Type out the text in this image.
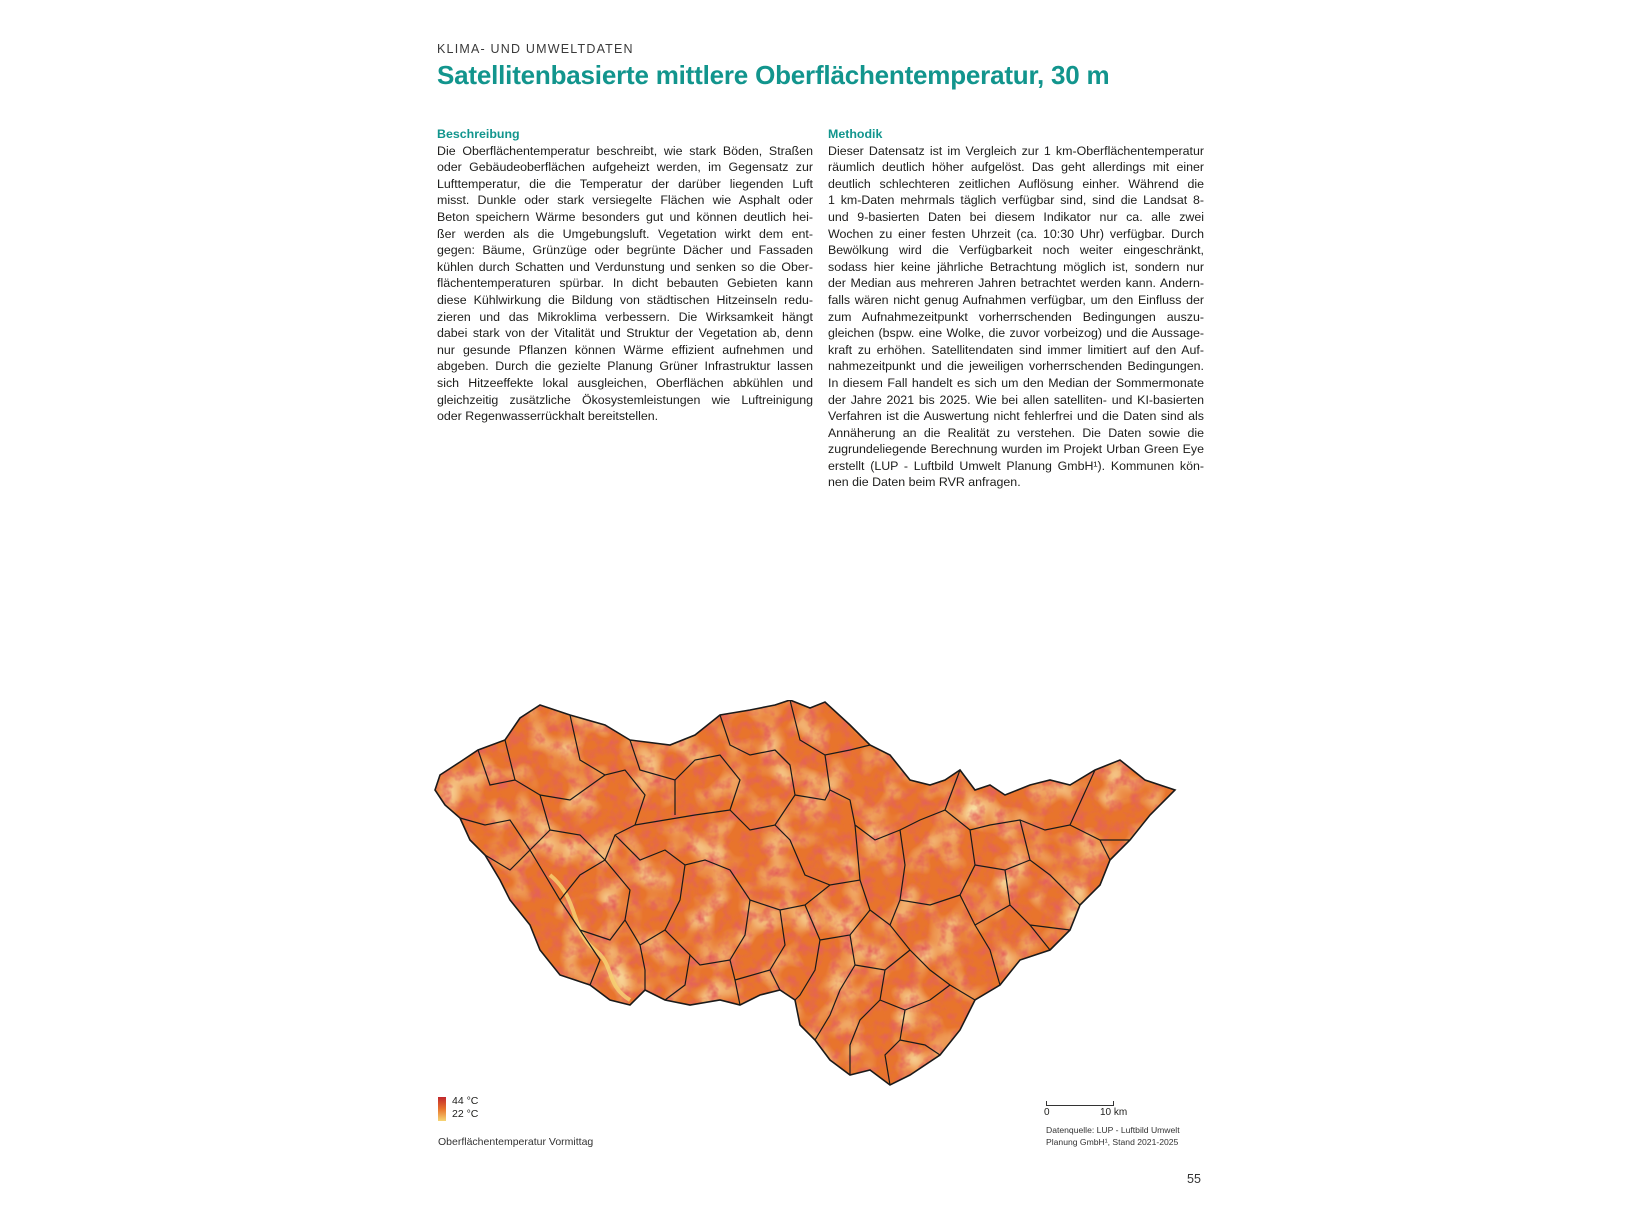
KLIMA- UND UMWELTDATEN
Satellitenbasierte mittlere Oberflächentemperatur, 30 m
Beschreibung
Die Oberflächentemperatur beschreibt, wie stark Böden, Straßen
oder Gebäudeoberflächen aufgeheizt werden, im Gegensatz zur
Lufttemperatur, die die Temperatur der darüber liegenden Luft
misst. Dunkle oder stark versiegelte Flächen wie Asphalt oder
Beton speichern Wärme besonders gut und können deutlich hei-
ßer werden als die Umgebungsluft. Vegetation wirkt dem ent-
gegen: Bäume, Grünzüge oder begrünte Dächer und Fassaden
kühlen durch Schatten und Verdunstung und senken so die Ober-
flächentemperaturen spürbar. In dicht bebauten Gebieten kann
diese Kühlwirkung die Bildung von städtischen Hitzeinseln redu-
zieren und das Mikroklima verbessern. Die Wirksamkeit hängt
dabei stark von der Vitalität und Struktur der Vegetation ab, denn
nur gesunde Pflanzen können Wärme effizient aufnehmen und
abgeben. Durch die gezielte Planung Grüner Infrastruktur lassen
sich Hitzeeffekte lokal ausgleichen, Oberflächen abkühlen und
gleichzeitig zusätzliche Ökosystemleistungen wie Luftreinigung
oder Regenwasserrückhalt bereitstellen.
Methodik
Dieser Datensatz ist im Vergleich zur 1 km-Oberflächentemperatur
räumlich deutlich höher aufgelöst. Das geht allerdings mit einer
deutlich schlechteren zeitlichen Auflösung einher. Während die
1 km-Daten mehrmals täglich verfügbar sind, sind die Landsat 8-
und 9-basierten Daten bei diesem Indikator nur ca. alle zwei
Wochen zu einer festen Uhrzeit (ca. 10:30 Uhr) verfügbar. Durch
Bewölkung wird die Verfügbarkeit noch weiter eingeschränkt,
sodass hier keine jährliche Betrachtung möglich ist, sondern nur
der Median aus mehreren Jahren betrachtet werden kann. Andern-
falls wären nicht genug Aufnahmen verfügbar, um den Einfluss der
zum Aufnahmezeitpunkt vorherrschenden Bedingungen auszu-
gleichen (bspw. eine Wolke, die zuvor vorbeizog) und die Aussage-
kraft zu erhöhen. Satellitendaten sind immer limitiert auf den Auf-
nahmezeitpunkt und die jeweiligen vorherrschenden Bedingungen.
In diesem Fall handelt es sich um den Median der Sommermonate
der Jahre 2021 bis 2025. Wie bei allen satelliten- und KI-basierten
Verfahren ist die Auswertung nicht fehlerfrei und die Daten sind als
Annäherung an die Realität zu verstehen. Die Daten sowie die
zugrundeliegende Berechnung wurden im Projekt Urban Green Eye
erstellt (LUP - Luftbild Umwelt Planung GmbH¹). Kommunen kön-
nen die Daten beim RVR anfragen.
44 °C
22 °C
Oberflächentemperatur Vormittag
0	10 km
Datenquelle: LUP - Luftbild Umwelt
Planung GmbH¹, Stand 2021-2025
55
